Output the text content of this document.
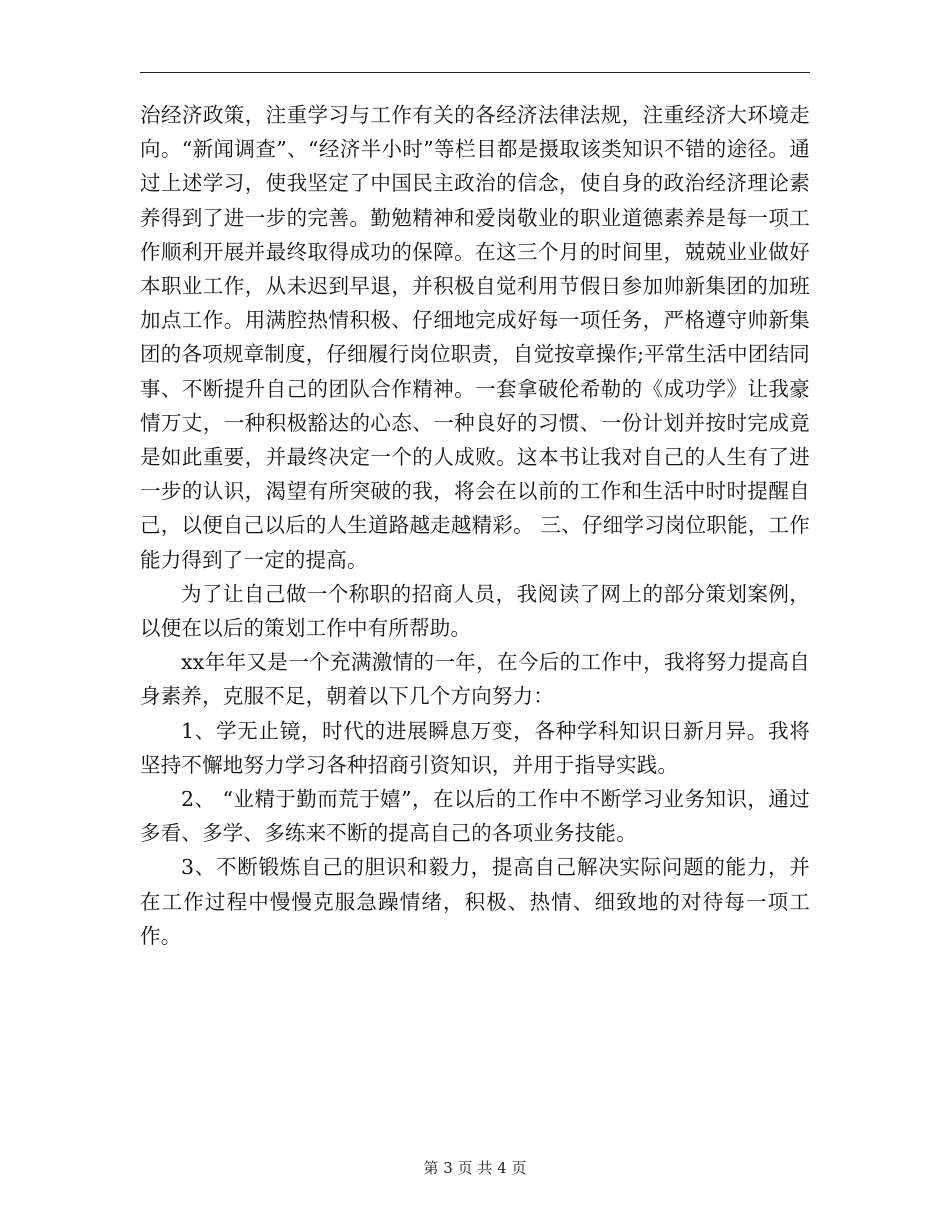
治经济政策，注重学习与工作有关的各经济法律法规，注重经济大环境走向。“新闻调查”、“经济半小时”等栏目都是摄取该类知识不错的途径。通过上述学习，使我坚定了中国民主政治的信念，使自身的政治经济理论素养得到了进一步的完善。勤勉精神和爱岗敬业的职业道德素养是每一项工作顺利开展并最终取得成功的保障。在这三个月的时间里，兢兢业业做好本职业工作，从未迟到早退，并积极自觉利用节假日参加帅新集团的加班加点工作。用满腔热情积极、仔细地完成好每一项任务，严格遵守帅新集团的各项规章制度，仔细履行岗位职责，自觉按章操作;平常生活中团结同事、不断提升自己的团队合作精神。一套拿破伦希勒的《成功学》让我豪情万丈，一种积极豁达的心态、一种良好的习惯、一份计划并按时完成竟是如此重要，并最终决定一个的人成败。这本书让我对自己的人生有了进一步的认识，渴望有所突破的我，将会在以前的工作和生活中时时提醒自己，以便自己以后的人生道路越走越精彩。 三、仔细学习岗位职能，工作能力得到了一定的提高。

为了让自己做一个称职的招商人员，我阅读了网上的部分策划案例，以便在以后的策划工作中有所帮助。

xx年年又是一个充满激情的一年，在今后的工作中，我将努力提高自身素养，克服不足，朝着以下几个方向努力：

1、学无止镜，时代的进展瞬息万变，各种学科知识日新月异。我将坚持不懈地努力学习各种招商引资知识，并用于指导实践。

2、 “业精于勤而荒于嬉”，在以后的工作中不断学习业务知识，通过多看、多学、多练来不断的提高自己的各项业务技能。

3、不断锻炼自己的胆识和毅力，提高自己解决实际问题的能力，并在工作过程中慢慢克服急躁情绪，积极、热情、细致地的对待每一项工作。

第 3 页 共 4 页
